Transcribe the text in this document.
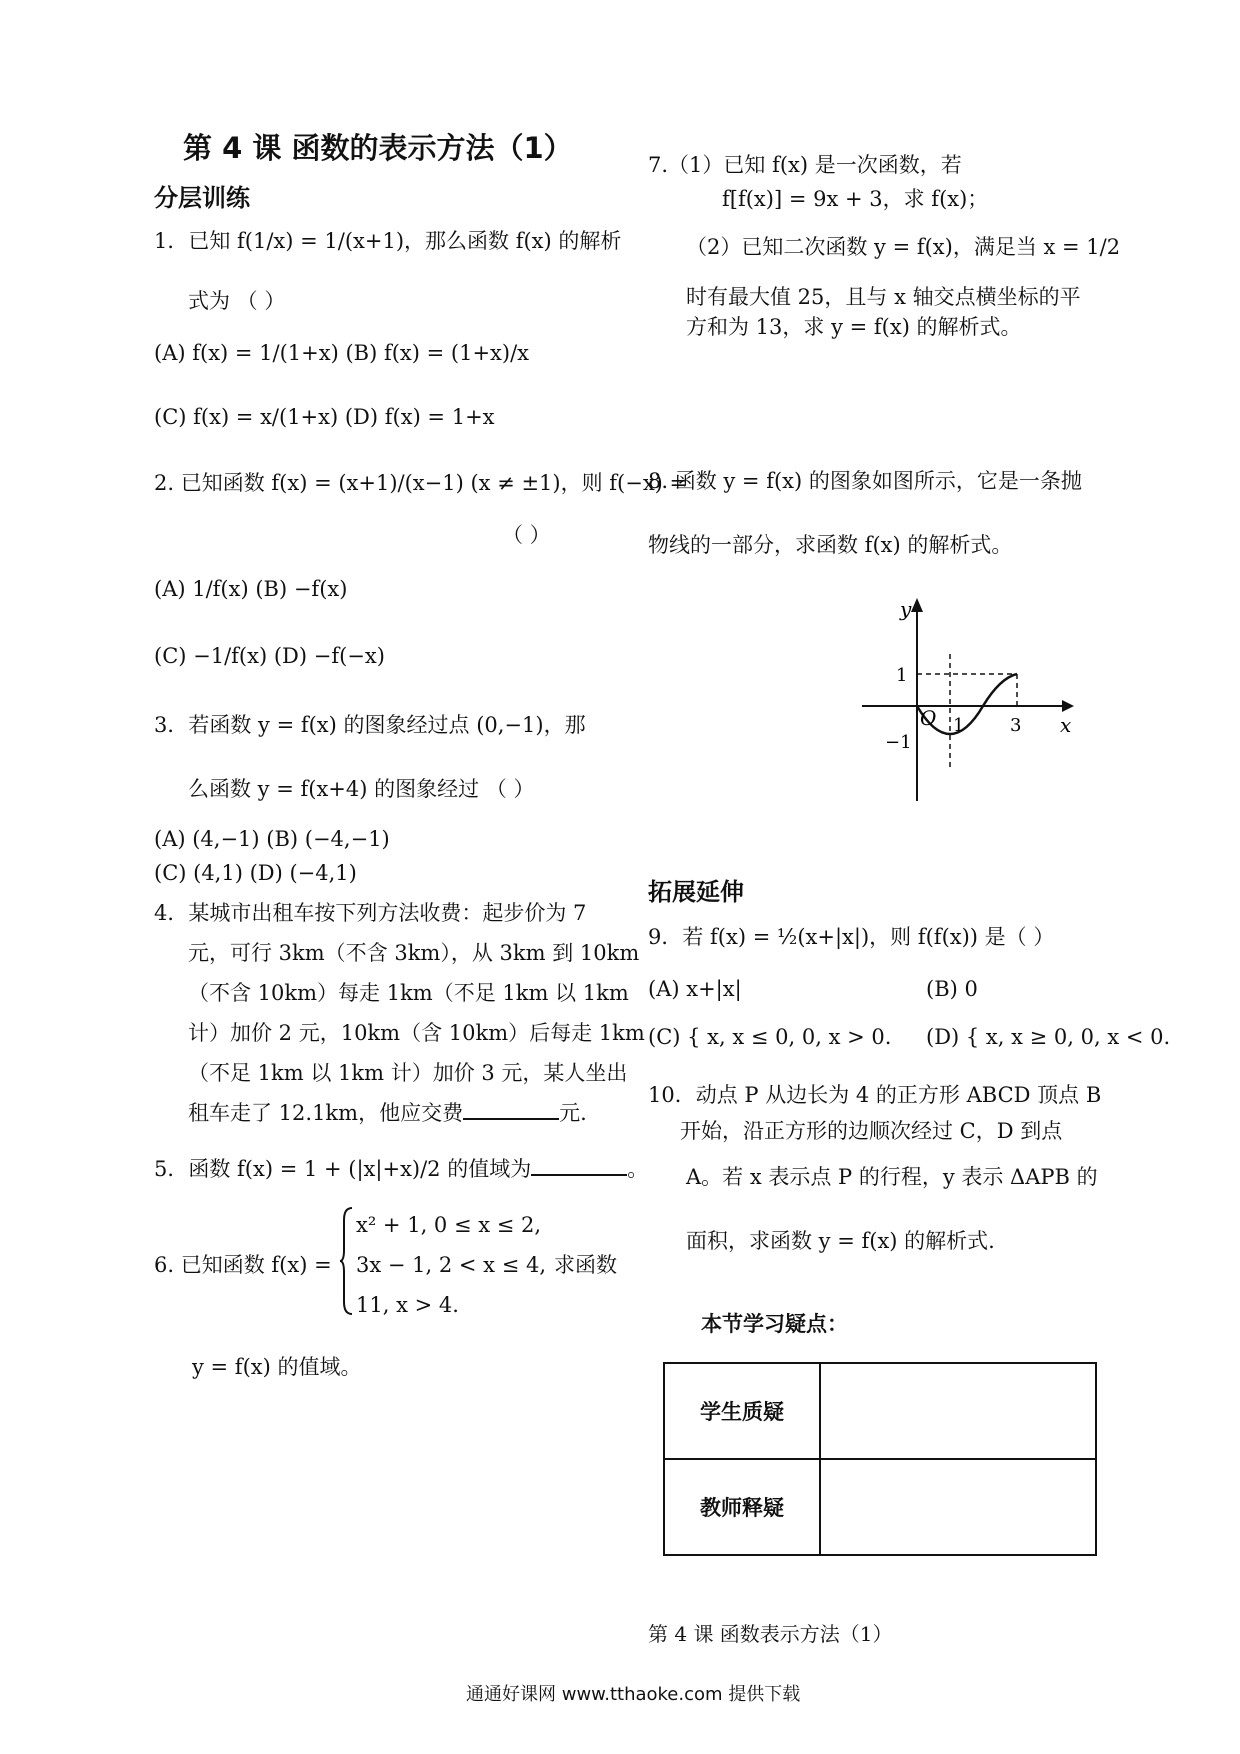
第 4 课 函数的表示方法（1）
分层训练
拓展延伸
本节学习疑点：
1．已知 f(1/x) = 1/(x+1)，那么函数 f(x) 的解析
式为 （ ）
(A) f(x) = 1/(1+x) (B) f(x) = (1+x)/x
(C) f(x) = x/(1+x) (D) f(x) = 1+x
2. 已知函数 f(x) = (x+1)/(x−1) (x ≠ ±1)，则 f(−x) =
（ ）
(A) 1/f(x) (B) −f(x)
(C) −1/f(x) (D) −f(−x)
3．若函数 y = f(x) 的图象经过点 (0,−1)，那
么函数 y = f(x+4) 的图象经过 （ ）
(A) (4,−1) (B) (−4,−1)
(C) (4,1) (D) (−4,1)
4．某城市出租车按下列方法收费：起步价为 7
元，可行 3km（不含 3km），从 3km 到 10km
（不含 10km）每走 1km（不足 1km 以 1km
计）加价 2 元，10km（含 10km）后每走 1km
（不足 1km 以 1km 计）加价 3 元，某人坐出
租车走了 12.1km，他应交费	元.
5．函数 f(x) = 1 + (|x|+x)/2 的值域为	。
6. 已知函数 f(x) =
x² + 1, 0 ≤ x ≤ 2,
3x − 1, 2 < x ≤ 4,
11, x > 4.
求函数
y = f(x) 的值域。
7.（1）已知 f(x) 是一次函数，若
f[f(x)] = 9x + 3，求 f(x)；
（2）已知二次函数 y = f(x)，满足当 x = 1/2
时有最大值 25，且与 x 轴交点横坐标的平
方和为 13，求 y = f(x) 的解析式。
8. 函数 y = f(x) 的图象如图所示，它是一条抛
物线的一部分，求函数 f(x) 的解析式。
y
x
O 1	3
1
−1
9．若 f(x) = ½(x+|x|)，则 f(f(x)) 是（ ）
(A) x+|x|	(B) 0
(C) { x, x ≤ 0, 0, x > 0. (D) { x, x ≥ 0, 0, x < 0.
10．动点 P 从边长为 4 的正方形 ABCD 顶点 B
开始，沿正方形的边顺次经过 C，D 到点
A。若 x 表示点 P 的行程，y 表示 ΔAPB 的
面积，求函数 y = f(x) 的解析式.
学生质疑	
教师释疑	
第 4 课 函数表示方法（1）
通通好课网 www.tthaoke.com 提供下载
